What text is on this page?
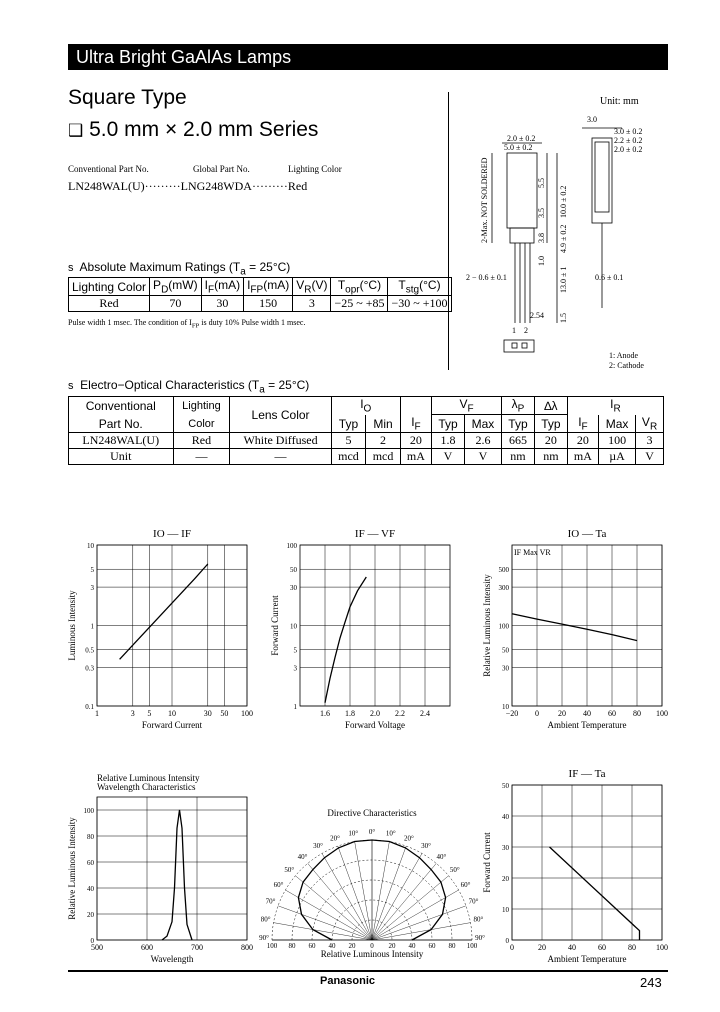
Ultra Bright GaAlAs Lamps
Square Type
❑ 5.0 mm × 2.0 mm Series
Conventional Part No.	Global Part No.	Lighting Color
LN248WAL(U)·········LNG248WDA·········Red
Unit: mm
2.0 ± 0.2
5.0 ± 0.2
3.0
3.0 ± 0.2
2.2 ± 0.2
2.0 ± 0.2
2-Max. NOT SOLDERED	5.5
3.5 10.0 ± 0.2
3.8 4.9 ± 0.2
1.0
13.0 ± 1
2 − 0.6 ± 0.1	0.6 ± 0.1
2.54 1.5
1 2
1: Anode
2: Cathode
s Absolute Maximum Ratings $(T_a = 25^\circ C)$
Lighting Color	$P_D(mW)$	$I_F(mA)$	$I_{FP}(mA)$	$V_R(V)$	$T_{opr}(^\circ C)$	$T_{stg}(^\circ C)$
Red	70	30	150	3	−25 ~ +85	−30 ~ +100
Pulse width 1 msec. The condition of $I_{FP}$ is duty 10% Pulse width 1 msec.
s Electro−Optical Characteristics $(T_a = 25^\circ C)$
Conventional	Lighting	Lens Color	$I_O$			$V_F$		$\lambda_P$	∆λ	$I_R$
Part No.	Color		Typ	Min	$I_F$	Typ	Max	Typ	Typ	$I_F$	Max	$V_R$
LN248WAL(U)	Red	White Diffused	5	2	20	1.8	2.6	665	20	20	100	3
Unit	—	—	mcd	mcd	mA	V	V	nm	nm	mA	µA	V
1	3 5 10	30 50 100
10
5
3
1
0.5
0.3
0.1
Forward Current
Luminous Intensity
IO — IF
1.6 1.8 2.0 2.2 2.4
100
50
30
10
5
3
1
Forward Voltage
Forward Current
IF — VF
−20 0 20 40 60 80 100
500
300
100
50
30
10
Ambient Temperature
Relative Luminous Intensity
IO — Ta
IF Max VR
500	600	700	800
100
80
60
40
20
0
Wavelength
Relative Luminous Intensity
Relative Luminous Intensity
Wavelength Characteristics
0	20	40	60	80	100
50
40
30
20
10
0
Ambient Temperature
Forward Current
IF — Ta
Directive Characteristics
0° 10°
10°
20°
20°
30°
30°
40°
40°
50°
50°
60°
60°
70°
70°
80°
80°
90°
90°
100 80 60 40 20 0 20 40 60 80 100
Relative Luminous Intensity
Panasonic	243
